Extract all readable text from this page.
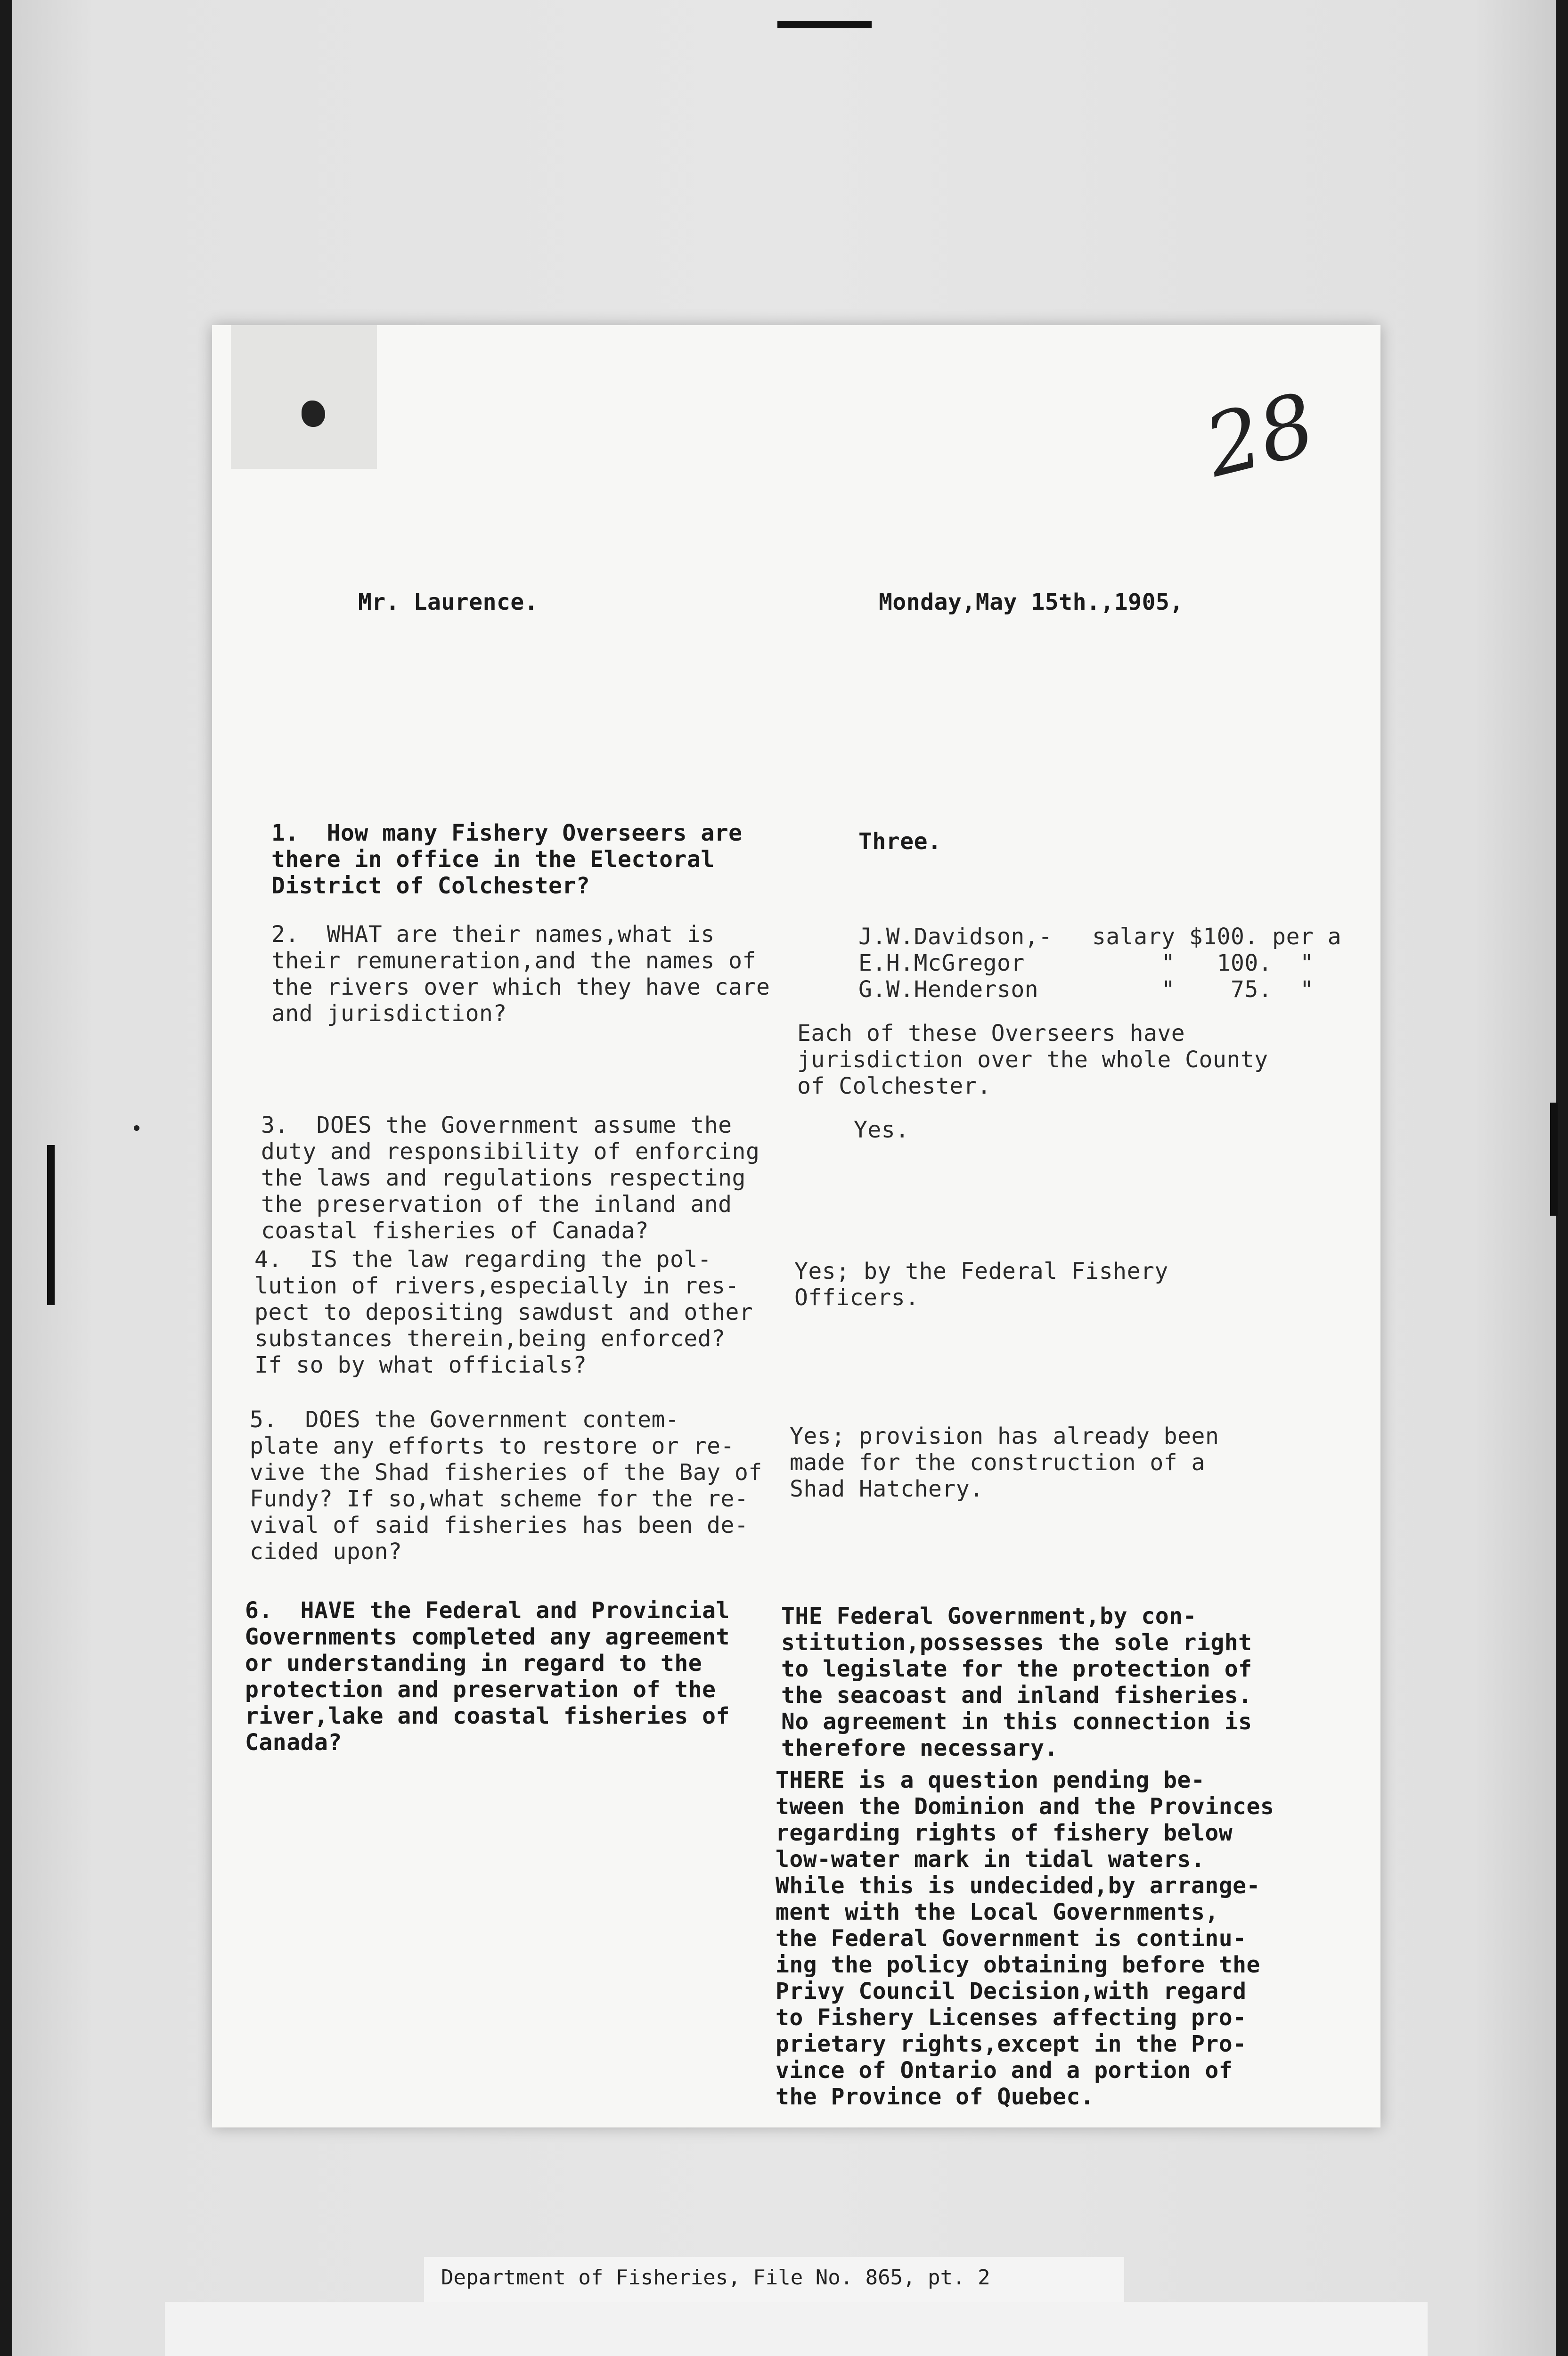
28
Mr. Laurence.	Monday,May 15th.,1905,
1.  How many Fishery Overseers are
there in office in the Electoral
District of Colchester?
Three.
2.  WHAT are their names,what is
their remuneration,and the names of
the rivers over which they have care
and jurisdiction?
J.W.Davidson,-
E.H.McGregor
G.W.Henderson
salary $100. per a
"   100.  "
"    75.  "
Each of these Overseers have
jurisdiction over the whole County
of Colchester.
3.  DOES the Government assume the
duty and responsibility of enforcing
the laws and regulations respecting
the preservation of the inland and
coastal fisheries of Canada?
Yes.
4.  IS the law regarding the pol-
lution of rivers,especially in res-
pect to depositing sawdust and other
substances therein,being enforced?
If so by what officials?
Yes; by the Federal Fishery
Officers.
5.  DOES the Government contem-
plate any efforts to restore or re-
vive the Shad fisheries of the Bay of
Fundy? If so,what scheme for the re-
vival of said fisheries has been de-
cided upon?
Yes; provision has already been
made for the construction of a
Shad Hatchery.
6.  HAVE the Federal and Provincial
Governments completed any agreement
or understanding in regard to the
protection and preservation of the
river,lake and coastal fisheries of
Canada?
THE Federal Government,by con-
stitution,possesses the sole right
to legislate for the protection of
the seacoast and inland fisheries.
No agreement in this connection is
therefore necessary.
THERE is a question pending be-
tween the Dominion and the Provinces
regarding rights of fishery below
low-water mark in tidal waters.
While this is undecided,by arrange-
ment with the Local Governments,
the Federal Government is continu-
ing the policy obtaining before the
Privy Council Decision,with regard
to Fishery Licenses affecting pro-
prietary rights,except in the Pro-
vince of Ontario and a portion of
the Province of Quebec.
Department of Fisheries, File No. 865, pt. 2
